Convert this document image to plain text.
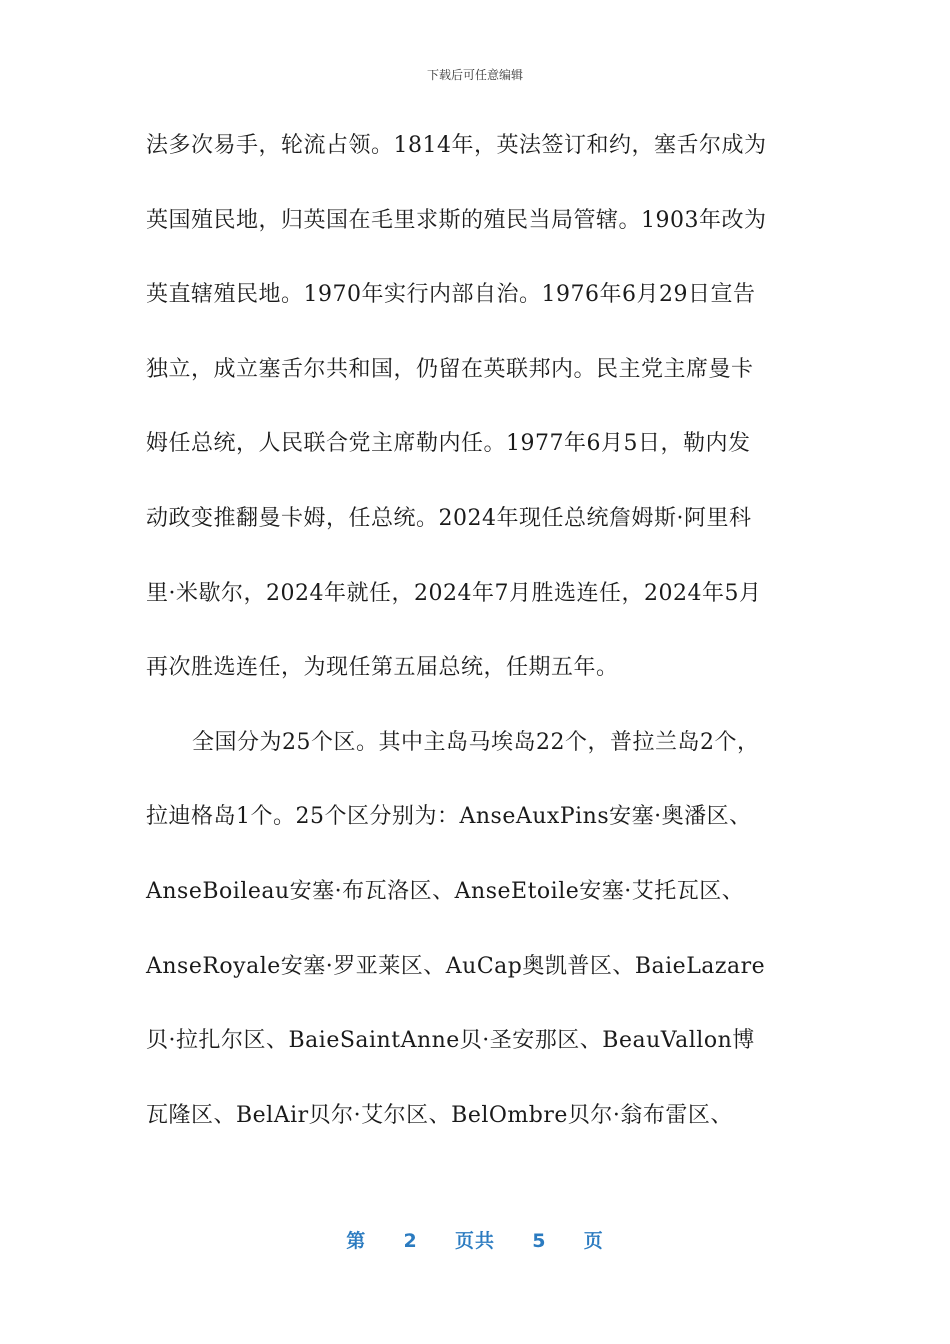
下载后可任意编辑
法多次易手，轮流占领。1814年，英法签订和约，塞舌尔成为
英国殖民地，归英国在毛里求斯的殖民当局管辖。1903年改为
英直辖殖民地。1970年实行内部自治。1976年6月29日宣告
独立，成立塞舌尔共和国，仍留在英联邦内。民主党主席曼卡
姆任总统，人民联合党主席勒内任。1977年6月5日，勒内发
动政变推翻曼卡姆，任总统。2024年现任总统詹姆斯·阿里科
里·米歇尔，2024年就任，2024年7月胜选连任，2024年5月
再次胜选连任，为现任第五届总统，任期五年。
全国分为25个区。其中主岛马埃岛22个，普拉兰岛2个，
拉迪格岛1个。25个区分别为：AnseAuxPins安塞·奥潘区、
AnseBoileau安塞·布瓦洛区、AnseEtoile安塞·艾托瓦区、
AnseRoyale安塞·罗亚莱区、AuCap奥凯普区、BaieLazare
贝·拉扎尔区、BaieSaintAnne贝·圣安那区、BeauVallon博
瓦隆区、BelAir贝尔·艾尔区、BelOmbre贝尔·翁布雷区、
第 2 页共 5 页
